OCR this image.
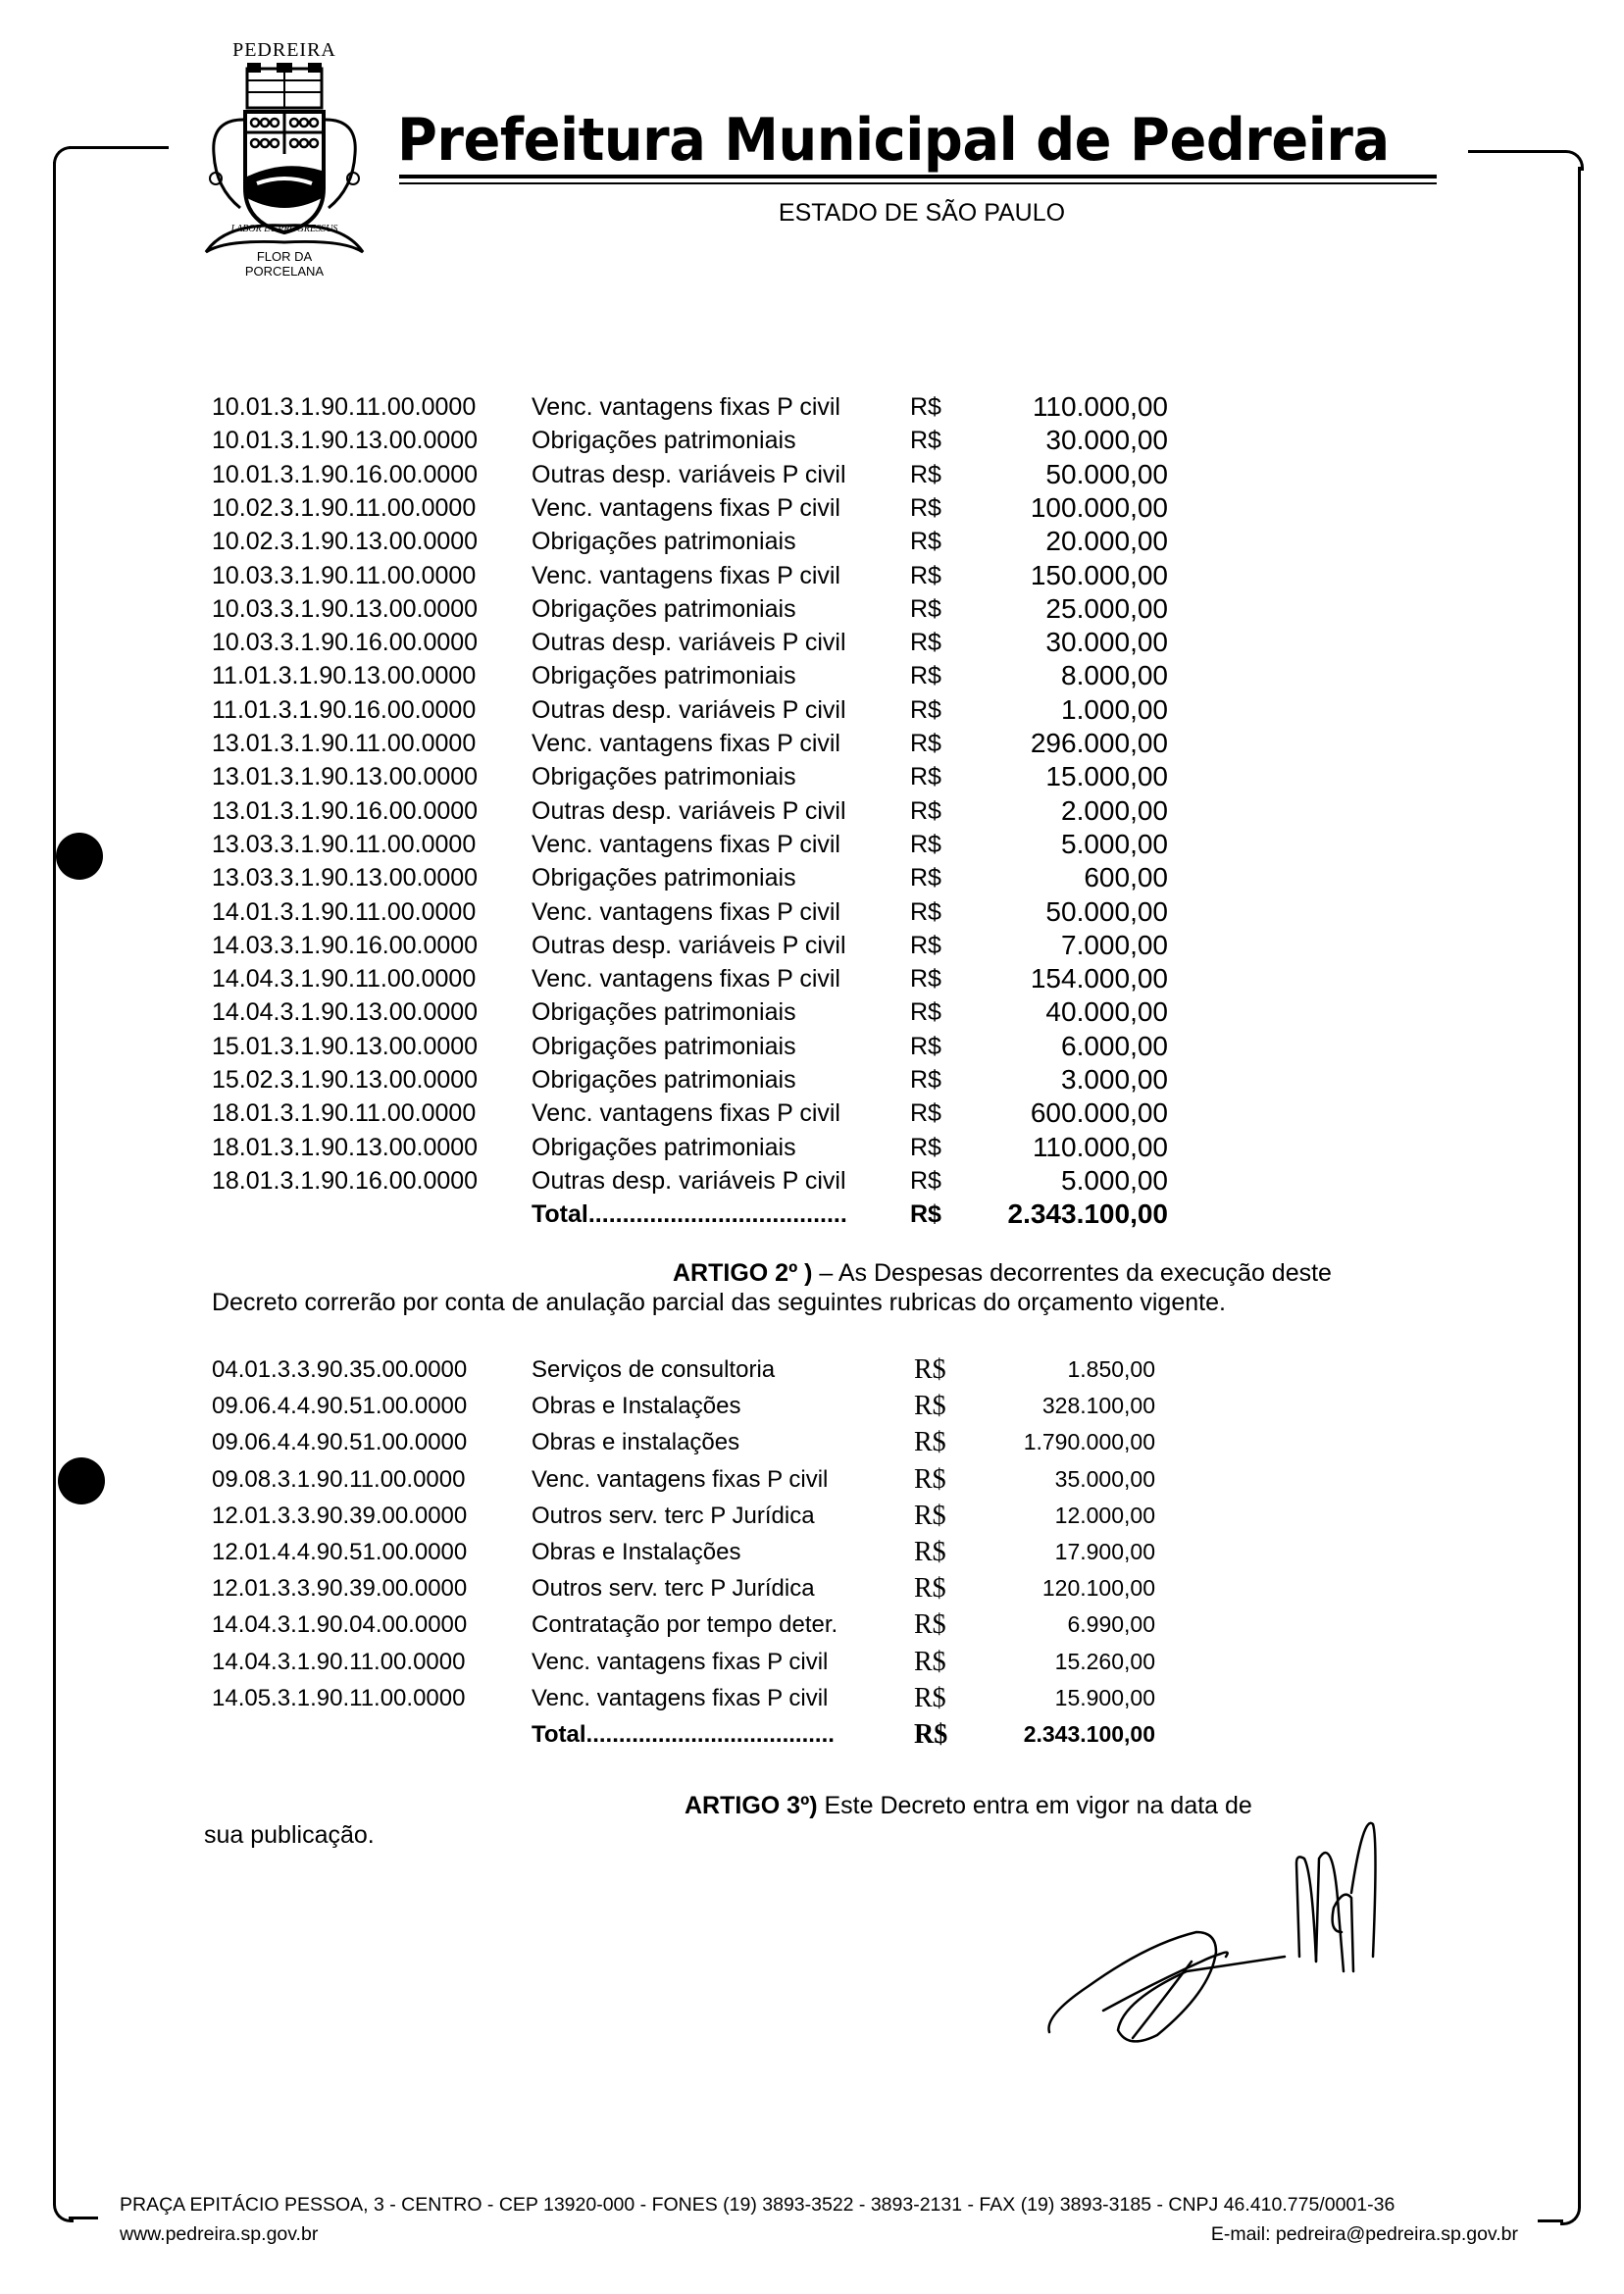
PEDREIRA
LABOR ET PROGRESSUS
FLOR DA
PORCELANA
Prefeitura Municipal de Pedreira
ESTADO DE SÃO PAULO
10.01.3.1.90.11.00.0000 Venc. vantagens fixas P civil	R$	110.000,00
10.01.3.1.90.13.00.0000 Obrigações patrimoniais	R$	30.000,00
10.01.3.1.90.16.00.0000 Outras desp. variáveis P civil	R$	50.000,00
10.02.3.1.90.11.00.0000 Venc. vantagens fixas P civil	R$	100.000,00
10.02.3.1.90.13.00.0000 Obrigações patrimoniais	R$	20.000,00
10.03.3.1.90.11.00.0000 Venc. vantagens fixas P civil	R$	150.000,00
10.03.3.1.90.13.00.0000 Obrigações patrimoniais	R$	25.000,00
10.03.3.1.90.16.00.0000 Outras desp. variáveis P civil	R$	30.000,00
11.01.3.1.90.13.00.0000 Obrigações patrimoniais	R$	8.000,00
11.01.3.1.90.16.00.0000 Outras desp. variáveis P civil	R$	1.000,00
13.01.3.1.90.11.00.0000 Venc. vantagens fixas P civil	R$	296.000,00
13.01.3.1.90.13.00.0000 Obrigações patrimoniais	R$	15.000,00
13.01.3.1.90.16.00.0000 Outras desp. variáveis P civil	R$	2.000,00
13.03.3.1.90.11.00.0000 Venc. vantagens fixas P civil	R$	5.000,00
13.03.3.1.90.13.00.0000 Obrigações patrimoniais	R$	600,00
14.01.3.1.90.11.00.0000 Venc. vantagens fixas P civil	R$	50.000,00
14.03.3.1.90.16.00.0000 Outras desp. variáveis P civil	R$	7.000,00
14.04.3.1.90.11.00.0000 Venc. vantagens fixas P civil	R$	154.000,00
14.04.3.1.90.13.00.0000 Obrigações patrimoniais	R$	40.000,00
15.01.3.1.90.13.00.0000 Obrigações patrimoniais	R$	6.000,00
15.02.3.1.90.13.00.0000 Obrigações patrimoniais	R$	3.000,00
18.01.3.1.90.11.00.0000 Venc. vantagens fixas P civil	R$	600.000,00
18.01.3.1.90.13.00.0000 Obrigações patrimoniais	R$	110.000,00
18.01.3.1.90.16.00.0000 Outras desp. variáveis P civil	R$	5.000,00
Total......................................	R$ 2.343.100,00
ARTIGO 2º ) – As Despesas decorrentes da execução deste
Decreto correrão por conta de anulação parcial das seguintes rubricas do orçamento vigente.
04.01.3.3.90.35.00.0000	Serviços de consultoria	R$	1.850,00
09.06.4.4.90.51.00.0000	Obras e Instalações	R$	328.100,00
09.06.4.4.90.51.00.0000	Obras e instalações	R$	1.790.000,00
09.08.3.1.90.11.00.0000	Venc. vantagens fixas P civil	R$	35.000,00
12.01.3.3.90.39.00.0000	Outros serv. terc P Jurídica	R$	12.000,00
12.01.4.4.90.51.00.0000	Obras e Instalações	R$	17.900,00
12.01.3.3.90.39.00.0000	Outros serv. terc P Jurídica	R$	120.100,00
14.04.3.1.90.04.00.0000	Contratação por tempo deter.	R$	6.990,00
14.04.3.1.90.11.00.0000	Venc. vantagens fixas P civil	R$	15.260,00
14.05.3.1.90.11.00.0000	Venc. vantagens fixas P civil	R$	15.900,00
Total......................................	R$	2.343.100,00
ARTIGO 3º) Este Decreto entra em vigor na data de
sua publicação.
PRAÇA EPITÁCIO PESSOA, 3 - CENTRO - CEP 13920-000 - FONES (19) 3893-3522 - 3893-2131 - FAX (19) 3893-3185 - CNPJ 46.410.775/0001-36
www.pedreira.sp.gov.br	E-mail: pedreira@pedreira.sp.gov.br
